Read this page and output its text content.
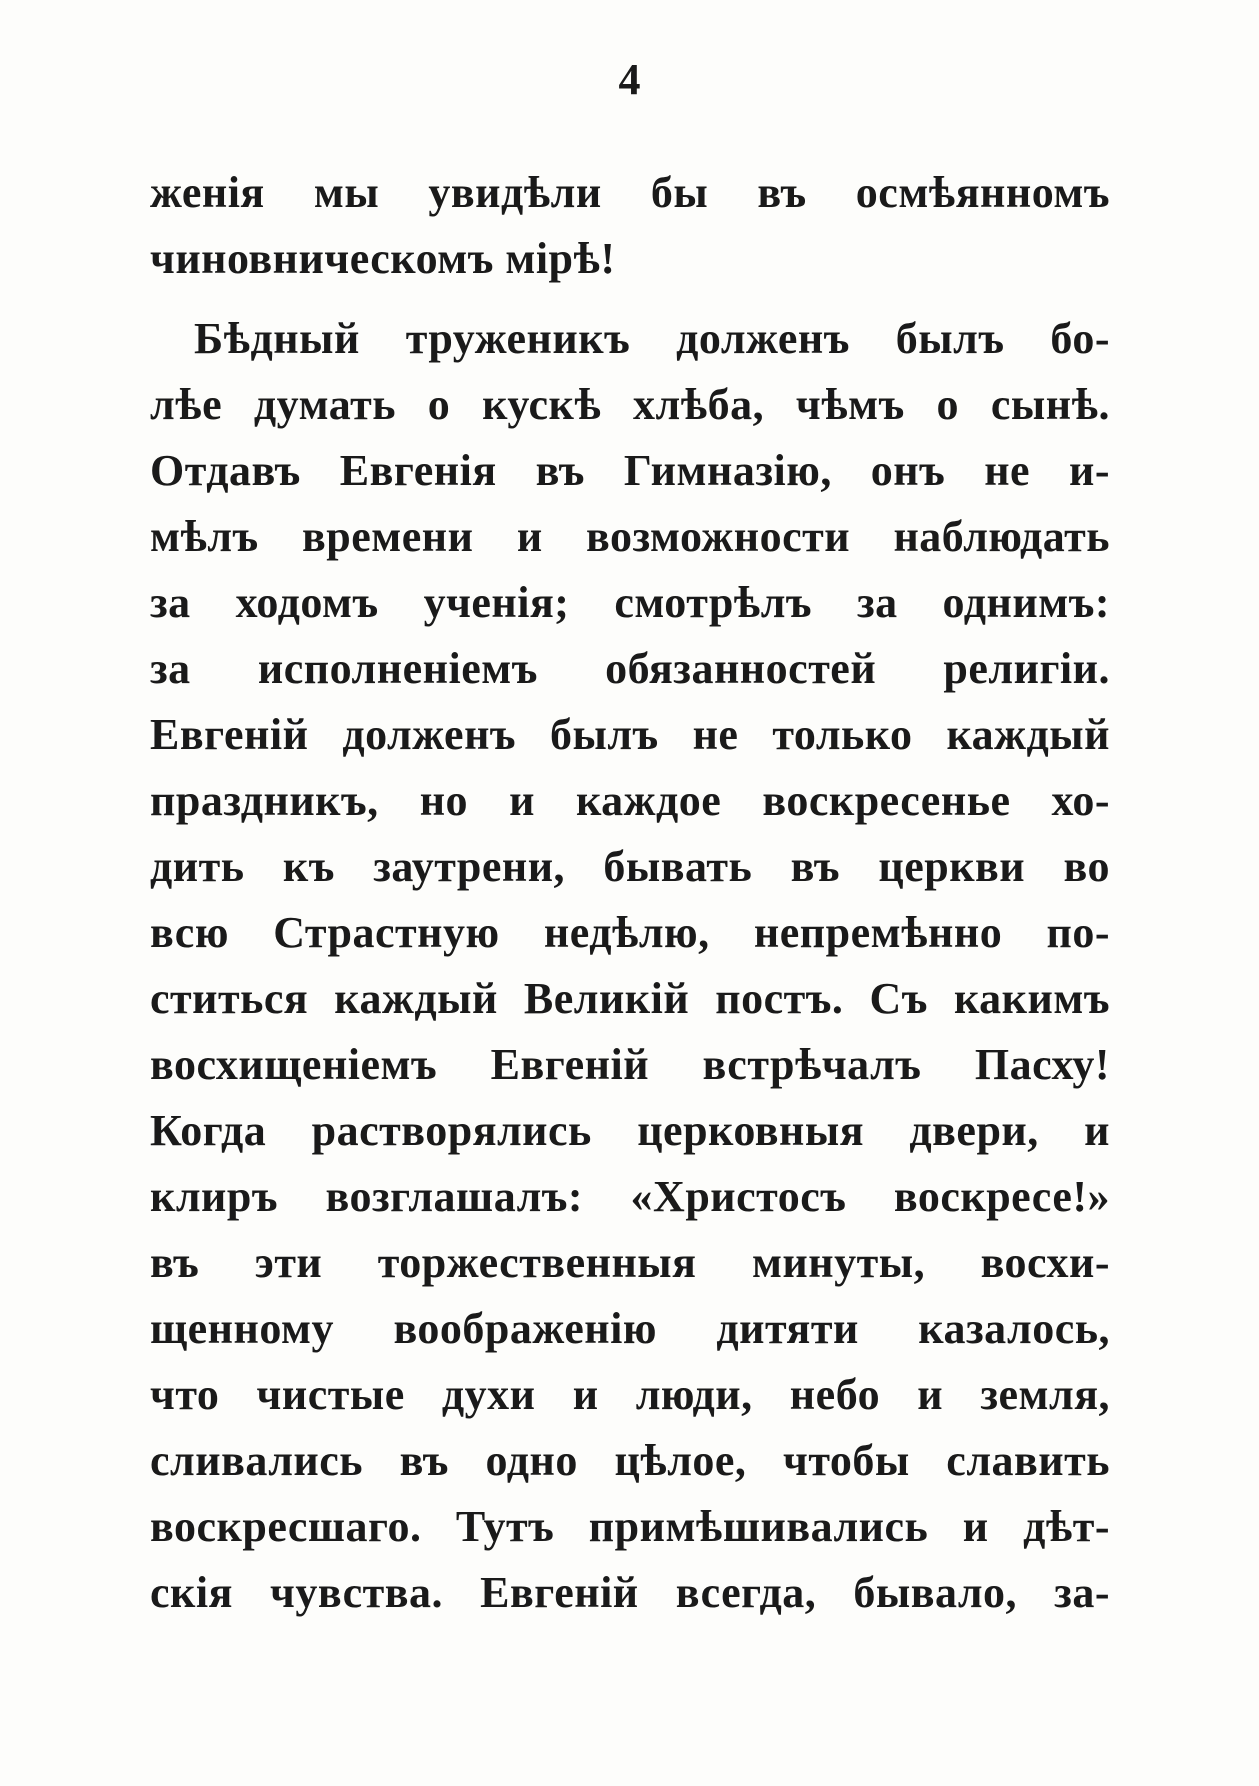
4
женія мы увидѣли бы въ осмѣянномъ
чиновническомъ мірѣ!
Бѣдный труженикъ долженъ былъ бо-
лѣе думать о кускѣ хлѣба, чѣмъ о сынѣ.
Отдавъ Евгенія въ Гимназію, онъ не и-
мѣлъ времени и возможности наблюдать
за ходомъ ученія; смотрѣлъ за однимъ:
за исполненіемъ обязанностей религіи.
Евгеній долженъ былъ не только каждый
праздникъ, но и каждое воскресенье хо-
дить къ заутрени, бывать въ церкви во
всю Страстную недѣлю, непремѣнно по-
ститься каждый Великій постъ. Съ какимъ
восхищеніемъ Евгеній встрѣчалъ Пасху!
Когда растворялись церковныя двери, и
клиръ возглашалъ: «Христосъ воскресе!»
въ эти торжественныя минуты, восхи-
щенному воображенію дитяти казалось,
что чистые духи и люди, небо и земля,
сливались въ одно цѣлое, чтобы славить
воскресшаго. Тутъ примѣшивались и дѣт-
скія чувства. Евгеній всегда, бывало, за-
